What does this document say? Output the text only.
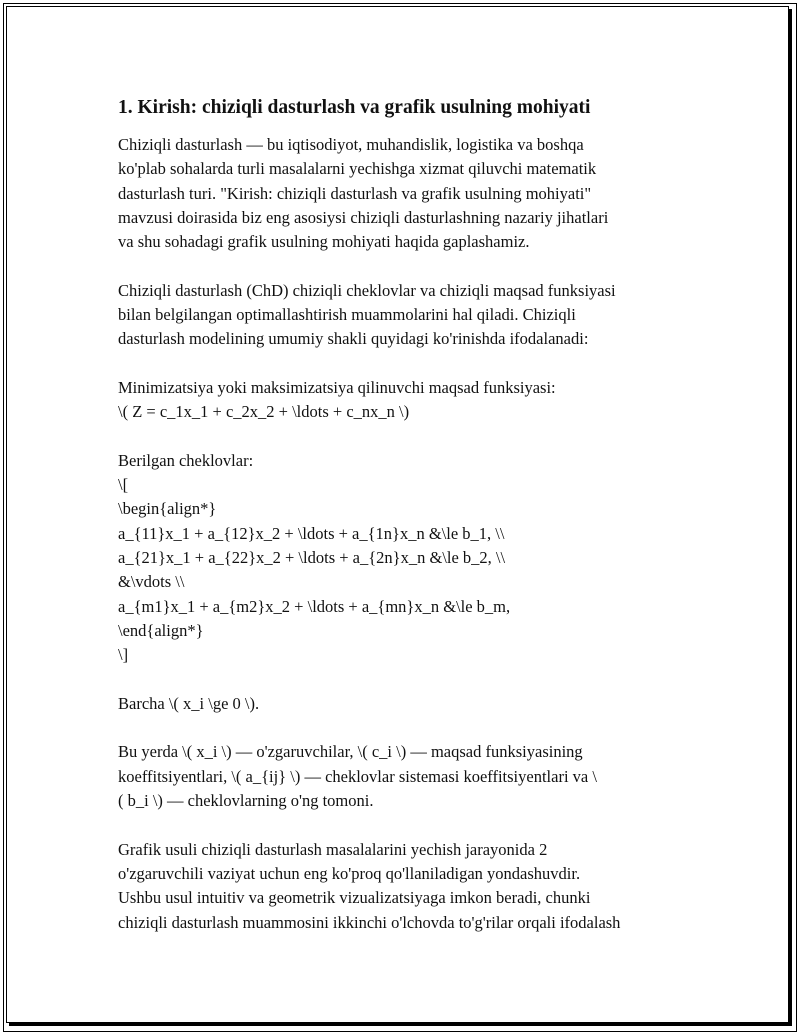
1. Kirish: chiziqli dasturlash va grafik usulning mohiyati

Chiziqli dasturlash — bu iqtisodiyot, muhandislik, logistika va boshqa
ko'plab sohalarda turli masalalarni yechishga xizmat qiluvchi matematik
dasturlash turi. "Kirish: chiziqli dasturlash va grafik usulning mohiyati"
mavzusi doirasida biz eng asosiysi chiziqli dasturlashning nazariy jihatlari
va shu sohadagi grafik usulning mohiyati haqida gaplashamiz.

Chiziqli dasturlash (ChD) chiziqli cheklovlar va chiziqli maqsad funksiyasi
bilan belgilangan optimallashtirish muammolarini hal qiladi. Chiziqli
dasturlash modelining umumiy shakli quyidagi ko'rinishda ifodalanadi:

Minimizatsiya yoki maksimizatsiya qilinuvchi maqsad funksiyasi:
\( Z = c_1x_1 + c_2x_2 + \ldots + c_nx_n \)

Berilgan cheklovlar:
\[
\begin{align*}
a_{11}x_1 + a_{12}x_2 + \ldots + a_{1n}x_n &\le b_1, \\
a_{21}x_1 + a_{22}x_2 + \ldots + a_{2n}x_n &\le b_2, \\
&\vdots \\
a_{m1}x_1 + a_{m2}x_2 + \ldots + a_{mn}x_n &\le b_m,
\end{align*}
\]

Barcha \( x_i \ge 0 \).

Bu yerda \( x_i \) — o'zgaruvchilar, \( c_i \) — maqsad funksiyasining
koeffitsiyentlari, \( a_{ij} \) — cheklovlar sistemasi koeffitsiyentlari va \
( b_i \) — cheklovlarning o'ng tomoni.

Grafik usuli chiziqli dasturlash masalalarini yechish jarayonida 2
o'zgaruvchili vaziyat uchun eng ko'proq qo'llaniladigan yondashuvdir.
Ushbu usul intuitiv va geometrik vizualizatsiyaga imkon beradi, chunki
chiziqli dasturlash muammosini ikkinchi o'lchovda to'g'rilar orqali ifodalash
